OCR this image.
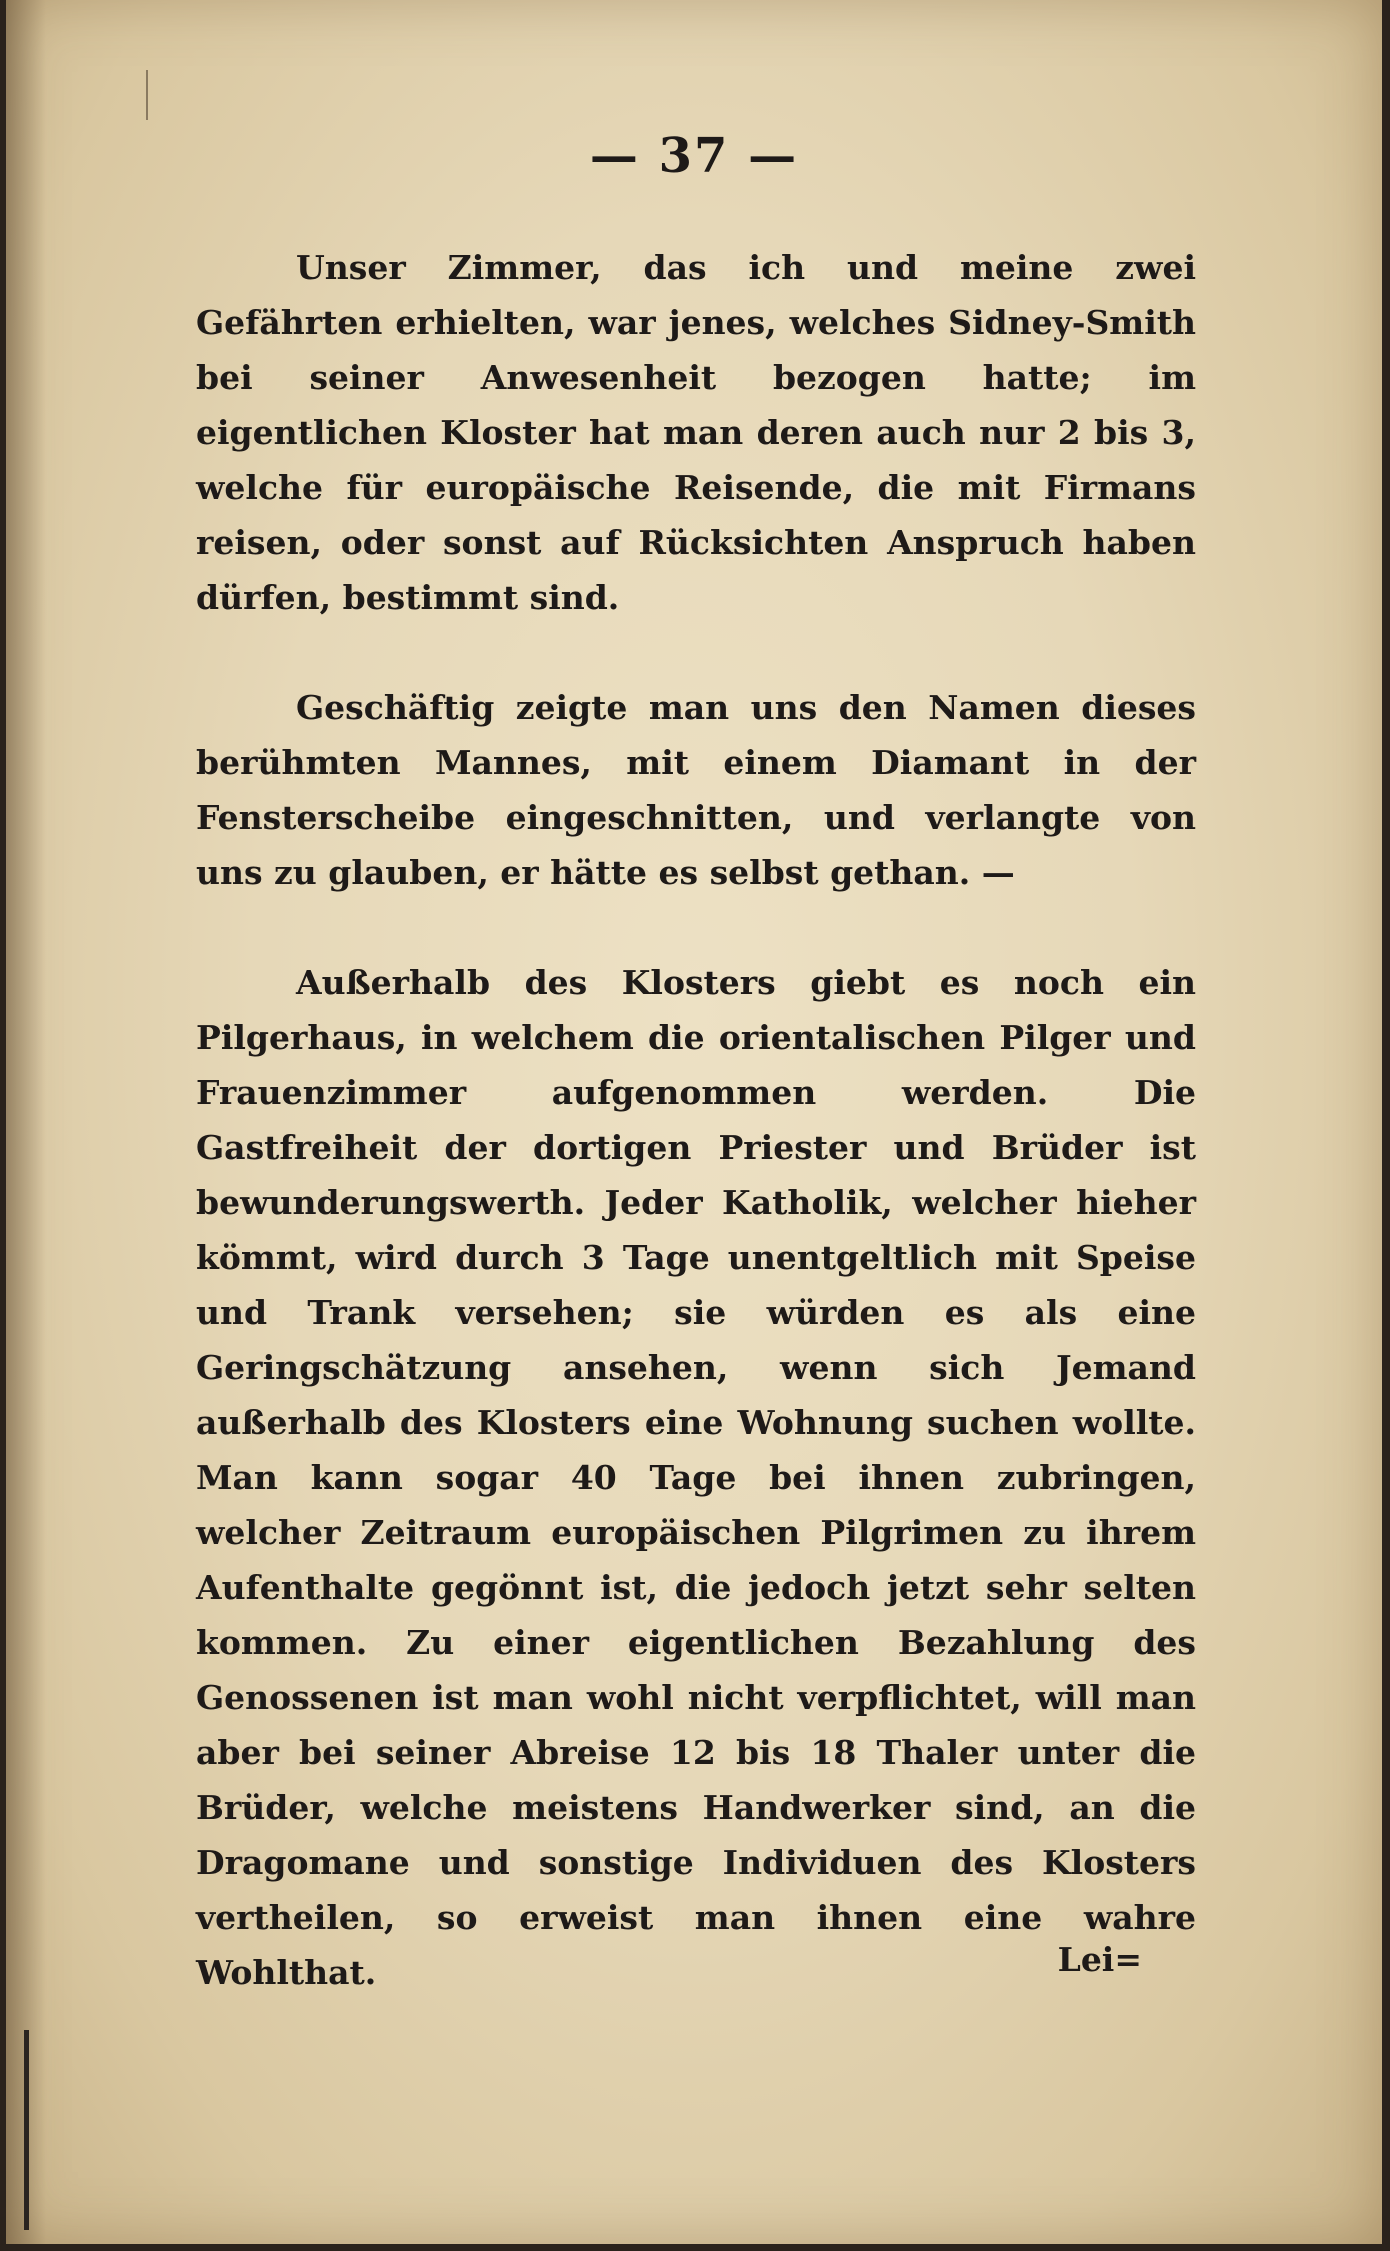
— 37 —

Unser Zimmer, das ich und meine zwei Gefährten erhielten, war jenes, welches Sidney-Smith bei seiner Anwesenheit bezogen hatte; im eigentlichen Kloster hat man deren auch nur 2 bis 3, welche für europäische Reisende, die mit Firmans reisen, oder sonst auf Rücksichten Anspruch haben dürfen, bestimmt sind.

Geschäftig zeigte man uns den Namen dieses berühmten Mannes, mit einem Diamant in der Fensterscheibe eingeschnitten, und verlangte von uns zu glauben, er hätte es selbst gethan. —

Außerhalb des Klosters giebt es noch ein Pilgerhaus, in welchem die orientalischen Pilger und Frauenzimmer aufgenommen werden. Die Gastfreiheit der dortigen Priester und Brüder ist bewunderungswerth. Jeder Katholik, welcher hieher kömmt, wird durch 3 Tage unentgeltlich mit Speise und Trank versehen; sie würden es als eine Geringschätzung ansehen, wenn sich Jemand außerhalb des Klosters eine Wohnung suchen wollte. Man kann sogar 40 Tage bei ihnen zubringen, welcher Zeitraum europäischen Pilgrimen zu ihrem Aufenthalte gegönnt ist, die jedoch jetzt sehr selten kommen. Zu einer eigentlichen Bezahlung des Genossenen ist man wohl nicht verpflichtet, will man aber bei seiner Abreise 12 bis 18 Thaler unter die Brüder, welche meistens Handwerker sind, an die Dragomane und sonstige Individuen des Klosters vertheilen, so erweist man ihnen eine wahre Wohlthat.	Lei=
